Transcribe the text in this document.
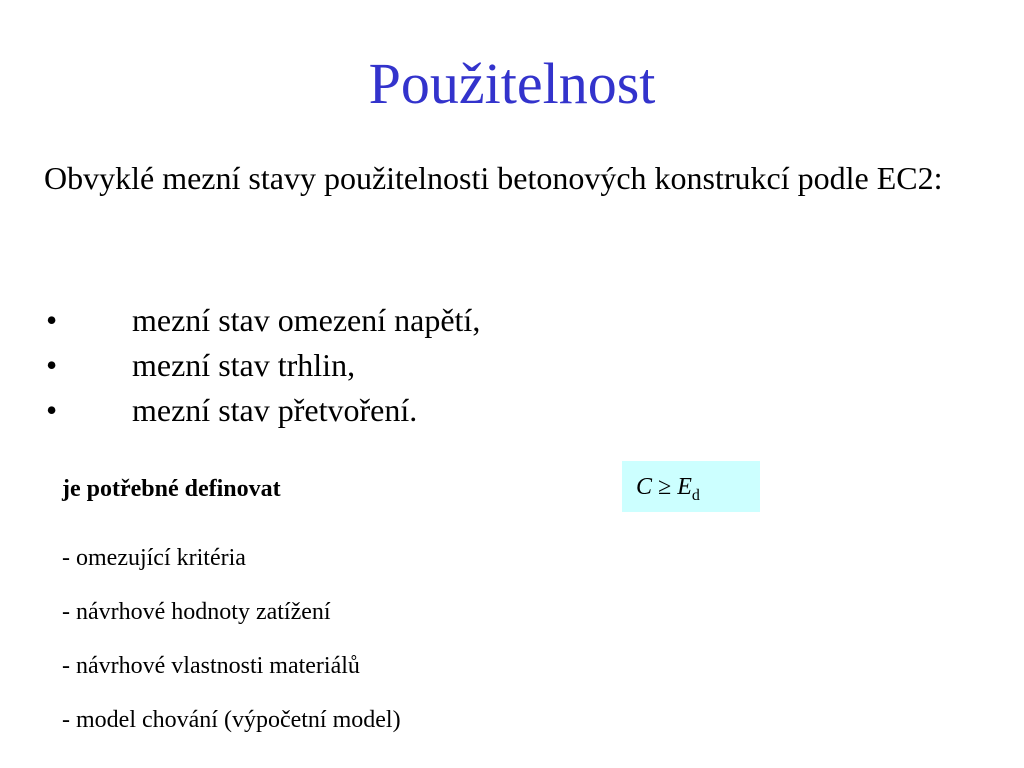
Použitelnost
Obvyklé mezní stavy použitelnosti betonových konstrukcí podle EC2:
• mezní stav omezení napětí,
• mezní stav trhlin,
• mezní stav přetvoření.
je potřebné definovat	$C \ge E_d$
- omezující kritéria
- návrhové hodnoty zatížení
- návrhové vlastnosti materiálů
- model chování (výpočetní model)
